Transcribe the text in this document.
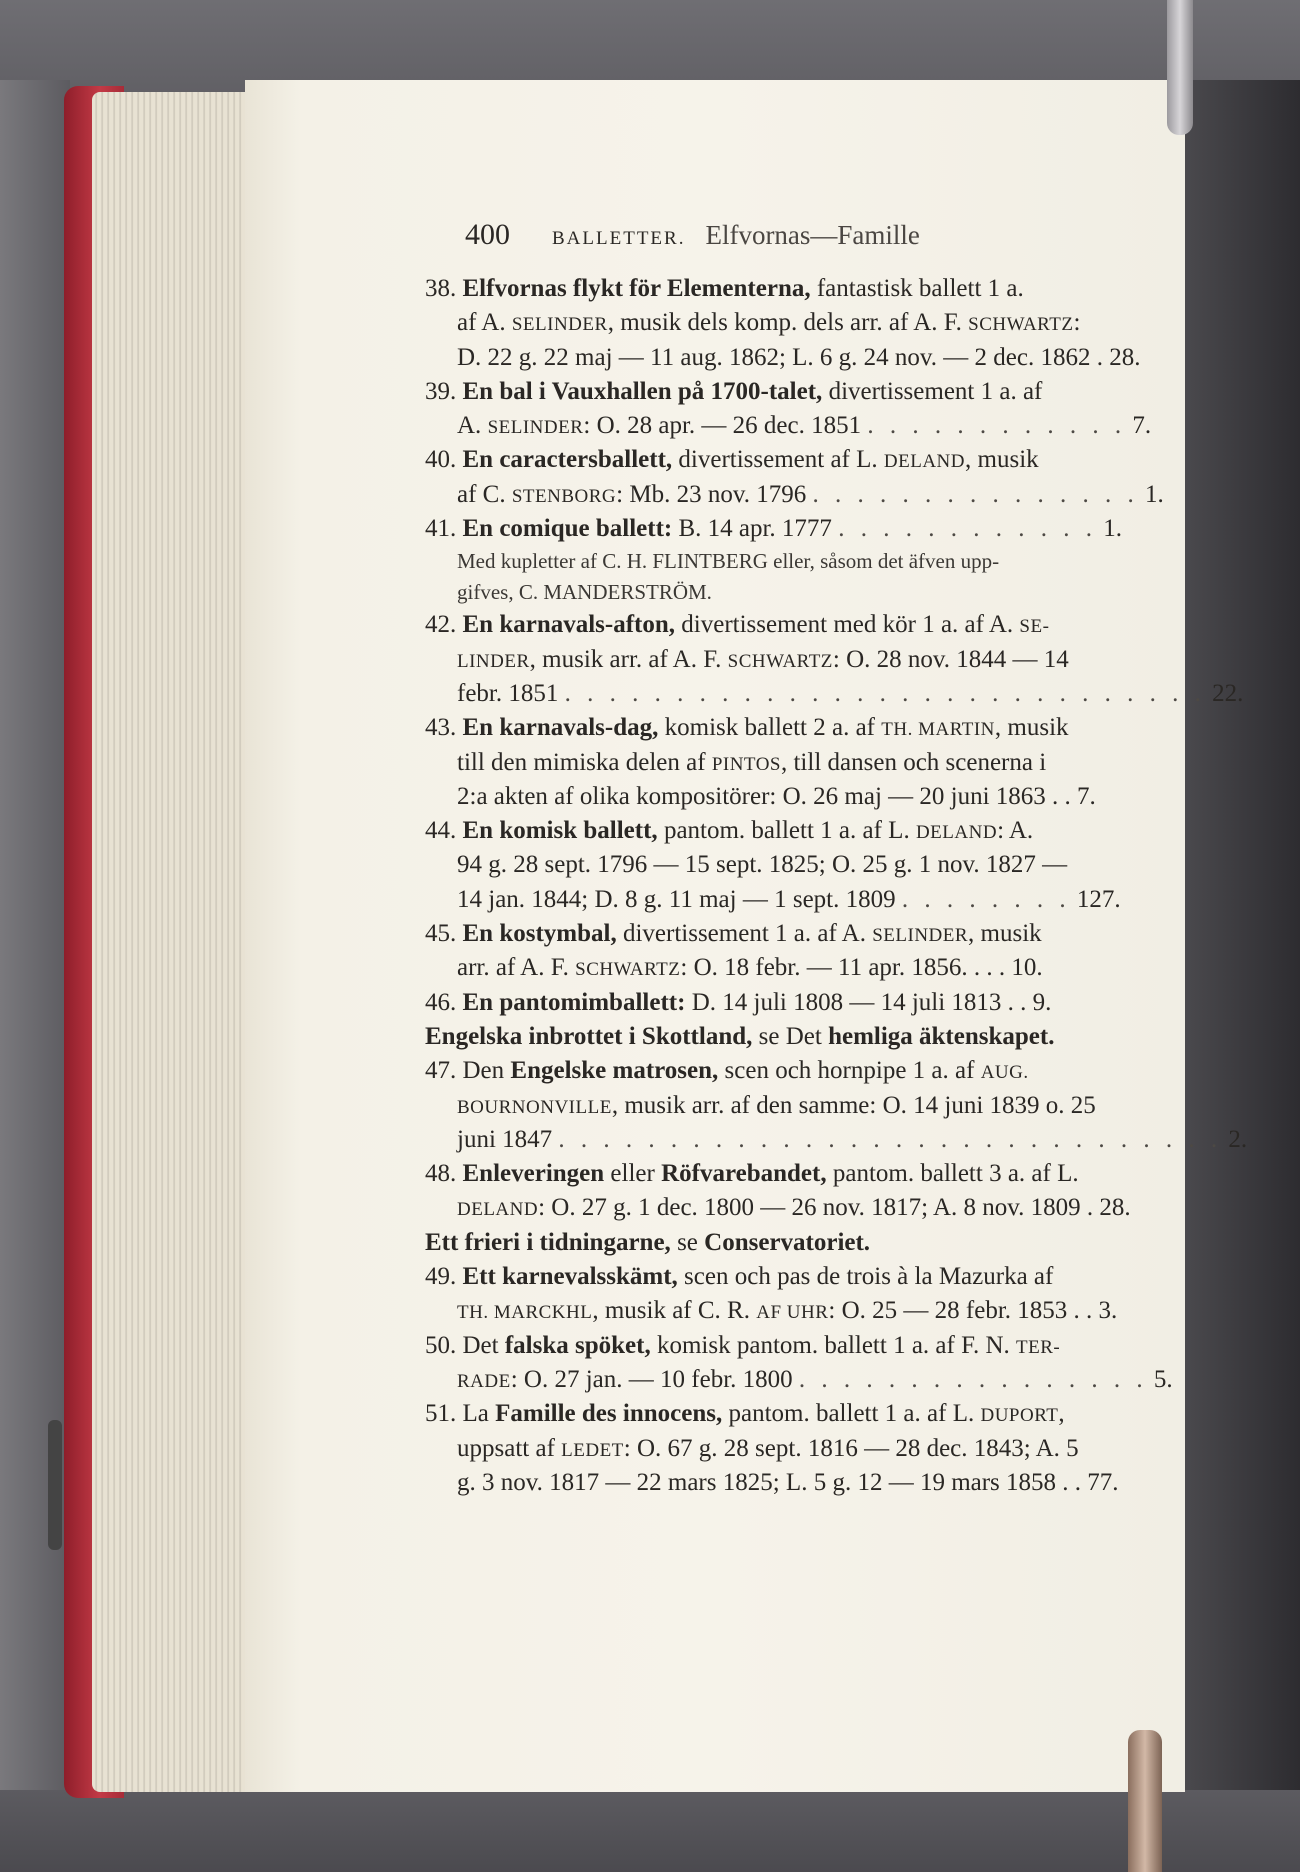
400 BALLETTER. Elfvornas—Famille
38. Elfvornas flykt för Elementerna, fantastisk ballett 1 a.
af A. SELINDER, musik dels komp. dels arr. af A. F. SCHWARTZ:
D. 22 g. 22 maj — 11 aug. 1862; L. 6 g. 24 nov. — 2 dec. 1862 . 28.
39. En bal i Vauxhallen på 1700-talet, divertissement 1 a. af
A. SELINDER: O. 28 apr. — 26 dec. 1851 . . . . . . . . . . . . 7.
40. En caractersballett, divertissement af L. DELAND, musik
af C. STENBORG: Mb. 23 nov. 1796 . . . . . . . . . . . . . . . 1.
41. En comique ballett: B. 14 apr. 1777 . . . . . . . . . . . . 1.
Med kupletter af C. H. FLINTBERG eller, såsom det äfven upp-
gifves, C. MANDERSTRÖM.
42. En karnavals-afton, divertissement med kör 1 a. af A. SE-
LINDER, musik arr. af A. F. SCHWARTZ: O. 28 nov. 1844 — 14
febr. 1851 . . . . . . . . . . . . . . . . . . . . . . . . . . . . . 22.
43. En karnavals-dag, komisk ballett 2 a. af TH. MARTIN, musik
till den mimiska delen af PINTOS, till dansen och scenerna i
2:a akten af olika kompositörer: O. 26 maj — 20 juni 1863 . . 7.
44. En komisk ballett, pantom. ballett 1 a. af L. DELAND: A.
94 g. 28 sept. 1796 — 15 sept. 1825; O. 25 g. 1 nov. 1827 —
14 jan. 1844; D. 8 g. 11 maj — 1 sept. 1809 . . . . . . . . 127.
45. En kostymbal, divertissement 1 a. af A. SELINDER, musik
arr. af A. F. SCHWARTZ: O. 18 febr. — 11 apr. 1856. . . . 10.
46. En pantomimballett: D. 14 juli 1808 — 14 juli 1813 . . 9.
Engelska inbrottet i Skottland, se Det hemliga äktenskapet.
47. Den Engelske matrosen, scen och hornpipe 1 a. af AUG.
BOURNONVILLE, musik arr. af den samme: O. 14 juni 1839 o. 25
juni 1847 . . . . . . . . . . . . . . . . . . . . . . . . . . . . . . 2.
48. Enleveringen eller Röfvarebandet, pantom. ballett 3 a. af L.
DELAND: O. 27 g. 1 dec. 1800 — 26 nov. 1817; A. 8 nov. 1809 . 28.
Ett frieri i tidningarne, se Conservatoriet.
49. Ett karnevalsskämt, scen och pas de trois à la Mazurka af
TH. MARCKHL, musik af C. R. AF UHR: O. 25 — 28 febr. 1853 . . 3.
50. Det falska spöket, komisk pantom. ballett 1 a. af F. N. TER-
RADE: O. 27 jan. — 10 febr. 1800 . . . . . . . . . . . . . . . . 5.
51. La Famille des innocens, pantom. ballett 1 a. af L. DUPORT,
uppsatt af LEDET: O. 67 g. 28 sept. 1816 — 28 dec. 1843; A. 5
g. 3 nov. 1817 — 22 mars 1825; L. 5 g. 12 — 19 mars 1858 . . 77.
